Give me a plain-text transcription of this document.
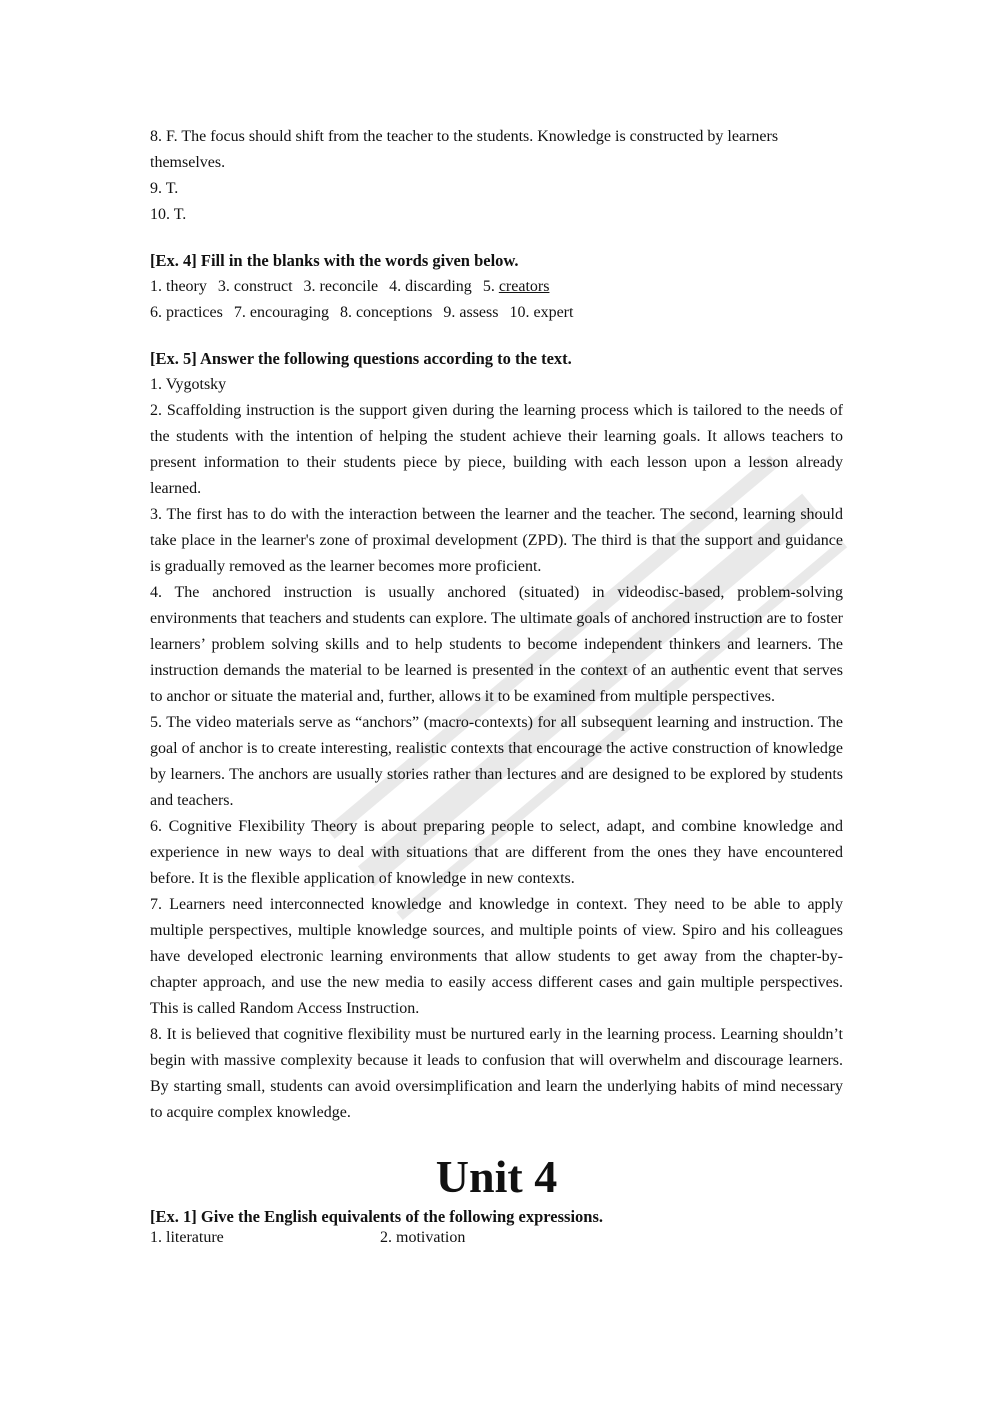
8. F. The focus should shift from the teacher to the students. Knowledge is constructed by learners

themselves.

9. T.

10. T.

[Ex. 4] Fill in the blanks with the words given below.

1. theory 3. construct 3. reconcile 4. discarding 5. creators

6. practices 7. encouraging 8. conceptions 9. assess 10. expert

[Ex. 5] Answer the following questions according to the text.

1. Vygotsky

2. Scaffolding instruction is the support given during the learning process which is tailored to the needs of the students with the intention of helping the student achieve their learning goals. It allows teachers to present information to their students piece by piece, building with each lesson upon a lesson already learned.

3. The first has to do with the interaction between the learner and the teacher. The second, learning should take place in the learner's zone of proximal development (ZPD). The third is that the support and guidance is gradually removed as the learner becomes more proficient.

4. The anchored instruction is usually anchored (situated) in videodisc-based, problem-solving environments that teachers and students can explore. The ultimate goals of anchored instruction are to foster learners’ problem solving skills and to help students to become independent thinkers and learners. The instruction demands the material to be learned is presented in the context of an authentic event that serves to anchor or situate the material and, further, allows it to be examined from multiple perspectives.

5. The video materials serve as “anchors” (macro-contexts) for all subsequent learning and instruction. The goal of anchor is to create interesting, realistic contexts that encourage the active construction of knowledge by learners. The anchors are usually stories rather than lectures and are designed to be explored by students and teachers.

6. Cognitive Flexibility Theory is about preparing people to select, adapt, and combine knowledge and experience in new ways to deal with situations that are different from the ones they have encountered before. It is the flexible application of knowledge in new contexts.

7. Learners need interconnected knowledge and knowledge in context. They need to be able to apply multiple perspectives, multiple knowledge sources, and multiple points of view. Spiro and his colleagues have developed electronic learning environments that allow students to get away from the chapter-by-chapter approach, and use the new media to easily access different cases and gain multiple perspectives. This is called Random Access Instruction.

8. It is believed that cognitive flexibility must be nurtured early in the learning process. Learning shouldn’t begin with massive complexity because it leads to confusion that will overwhelm and discourage learners. By starting small, students can avoid oversimplification and learn the underlying habits of mind necessary to acquire complex knowledge.

Unit 4

[Ex. 1] Give the English equivalents of the following expressions.

1. literature	2. motivation
